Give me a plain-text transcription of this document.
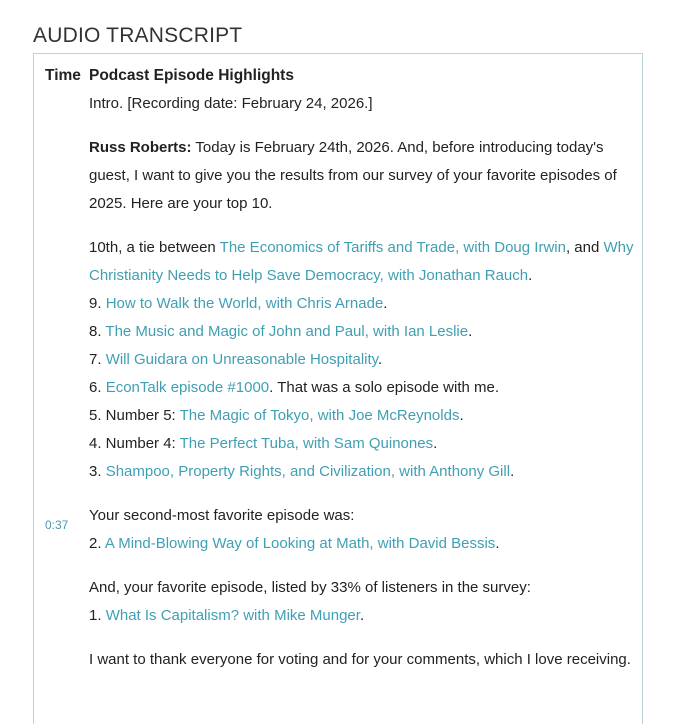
AUDIO TRANSCRIPT
Time Podcast Episode Highlights
0:37

Intro. [Recording date: February 24, 2026.]

Russ Roberts: Today is February 24th, 2026. And, before introducing today's guest, I want to give you the results from our survey of your favorite episodes of 2025. Here are your top 10.

10th, a tie between The Economics of Tariffs and Trade, with Doug Irwin, and Why Christianity Needs to Help Save Democracy, with Jonathan Rauch.
9. How to Walk the World, with Chris Arnade.
8. The Music and Magic of John and Paul, with Ian Leslie.
7. Will Guidara on Unreasonable Hospitality.
6. EconTalk episode #1000. That was a solo episode with me.
5. Number 5: The Magic of Tokyo, with Joe McReynolds.
4. Number 4: The Perfect Tuba, with Sam Quinones.
3. Shampoo, Property Rights, and Civilization, with Anthony Gill.

Your second-most favorite episode was:
2. A Mind-Blowing Way of Looking at Math, with David Bessis.

And, your favorite episode, listed by 33% of listeners in the survey:
1. What Is Capitalism? with Mike Munger.

I want to thank everyone for voting and for your comments, which I love receiving.
